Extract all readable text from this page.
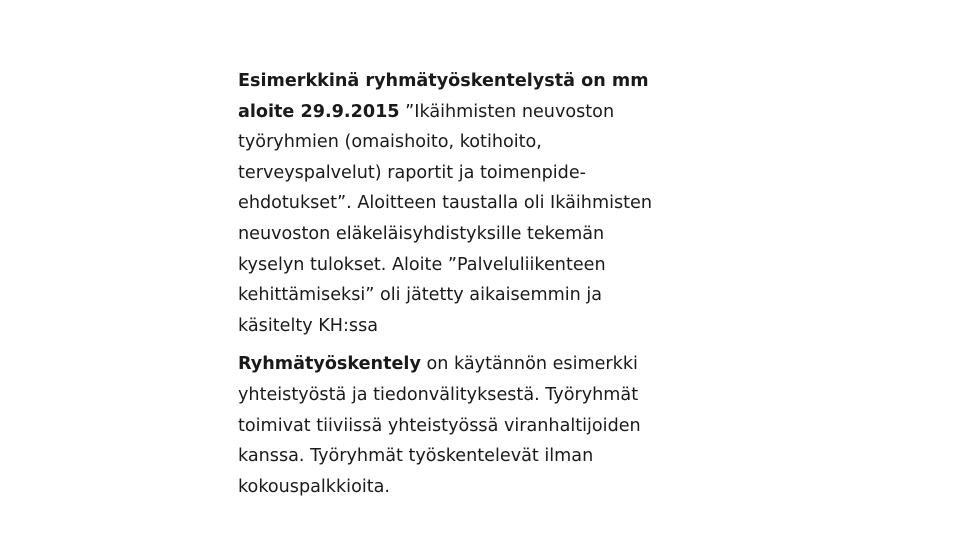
Esimerkkinä ryhmätyöskentelystä on mm
aloite 29.9.2015 ”Ikäihmisten neuvoston
työryhmien (omaishoito, kotihoito,
terveyspalvelut) raportit ja toimenpide-
ehdotukset”. Aloitteen taustalla oli Ikäihmisten
neuvoston eläkeläisyhdistyksille tekemän
kyselyn tulokset. Aloite ”Palveluliikenteen
kehittämiseksi” oli jätetty aikaisemmin ja
käsitelty KH:ssa

Ryhmätyöskentely on käytännön esimerkki
yhteistyöstä ja tiedonvälityksestä. Työryhmät
toimivat tiiviissä yhteistyössä viranhaltijoiden
kanssa. Työryhmät työskentelevät ilman
kokouspalkkioita.
